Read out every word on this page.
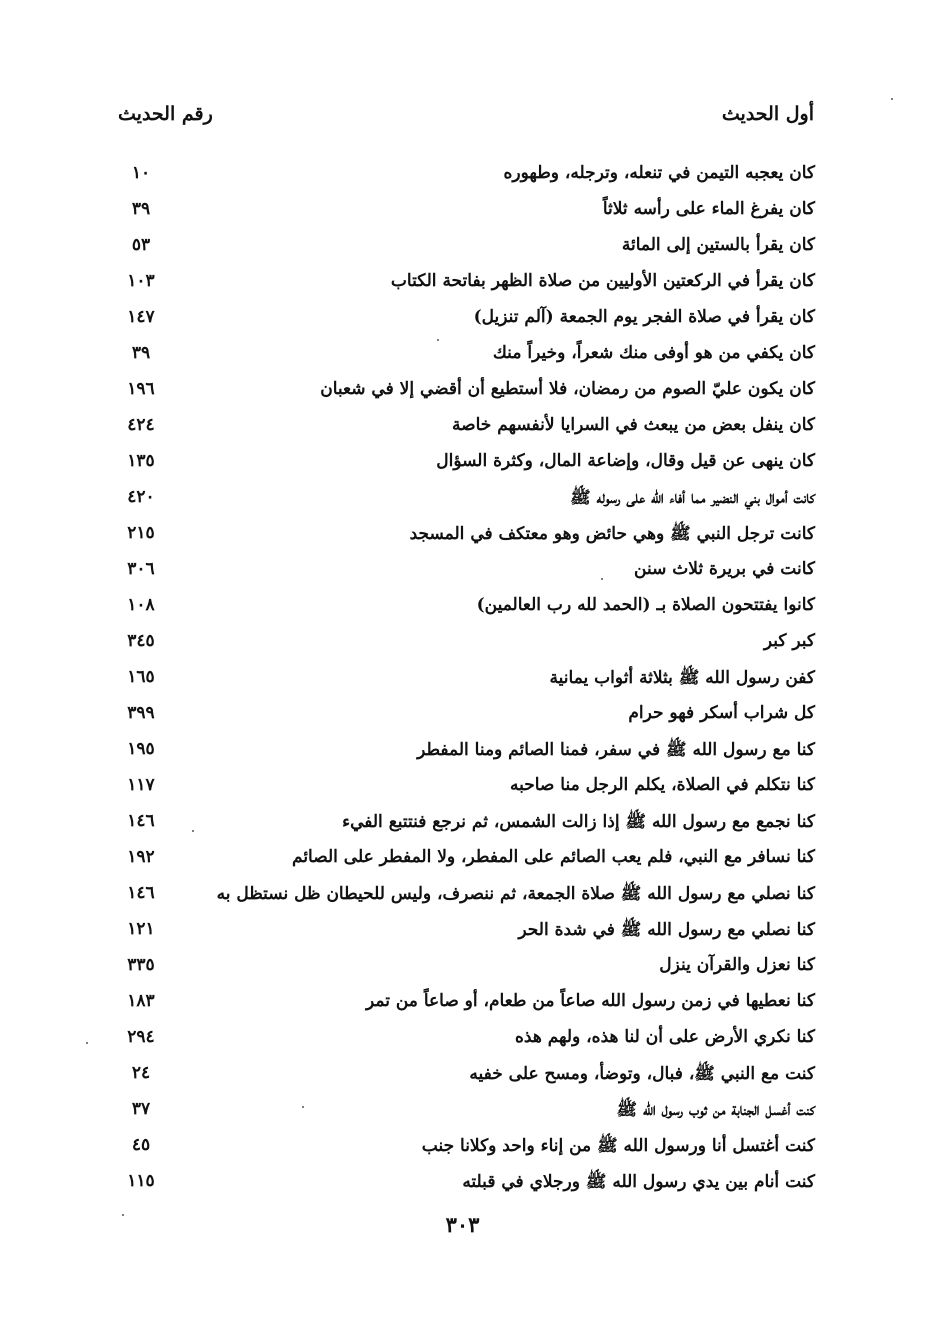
أول الحديث
رقم الحديث
كان يعجبه التيمن في تنعله، وترجله، وطهوره
١٠
كان يفرغ الماء على رأسه ثلاثاً
٣٩
كان يقرأ بالستين إلى المائة
٥٣
كان يقرأ في الركعتين الأوليين من صلاة الظهر بفاتحة الكتاب
١٠٣
كان يقرأ في صلاة الفجر يوم الجمعة (آلم تنزيل)
١٤٧
كان يكفي من هو أوفى منك شعراً، وخيراً منك
٣٩
كان يكون عليّ الصوم من رمضان، فلا أستطيع أن أقضي إلا في شعبان
١٩٦
كان ينفل بعض من يبعث في السرايا لأنفسهم خاصة
٤٢٤
كان ينهى عن قيل وقال، وإضاعة المال، وكثرة السؤال
١٣٥
كانت أموال بني النضير مما أفاء الله على رسوله ﷺ
٤٢٠
كانت ترجل النبي ﷺ وهي حائض وهو معتكف في المسجد
٢١٥
كانت في بريرة ثلاث سنن
٣٠٦
كانوا يفتتحون الصلاة بـ (الحمد لله رب العالمين)
١٠٨
كبر كبر
٣٤٥
كفن رسول الله ﷺ بثلاثة أثواب يمانية
١٦٥
كل شراب أسكر فهو حرام
٣٩٩
كنا مع رسول الله ﷺ في سفر، فمنا الصائم ومنا المفطر
١٩٥
كنا نتكلم في الصلاة، يكلم الرجل منا صاحبه
١١٧
كنا نجمع مع رسول الله ﷺ إذا زالت الشمس، ثم نرجع فنتتبع الفيء
١٤٦
كنا نسافر مع النبي، فلم يعب الصائم على المفطر، ولا المفطر على الصائم
١٩٢
كنا نصلي مع رسول الله ﷺ صلاة الجمعة، ثم ننصرف، وليس للحيطان ظل نستظل به
١٤٦
كنا نصلي مع رسول الله ﷺ في شدة الحر
١٢١
كنا نعزل والقرآن ينزل
٣٣٥
كنا نعطيها في زمن رسول الله صاعاً من طعام، أو صاعاً من تمر
١٨٣
كنا نكري الأرض على أن لنا هذه، ولهم هذه
٢٩٤
كنت مع النبي ﷺ، فبال، وتوضأ، ومسح على خفيه
٢٤
كنت أغسل الجنابة من ثوب رسول الله ﷺ
٣٧
كنت أغتسل أنا ورسول الله ﷺ من إناء واحد وكلانا جنب
٤٥
كنت أنام بين يدي رسول الله ﷺ ورجلاي في قبلته
١١٥
٣٠٣
